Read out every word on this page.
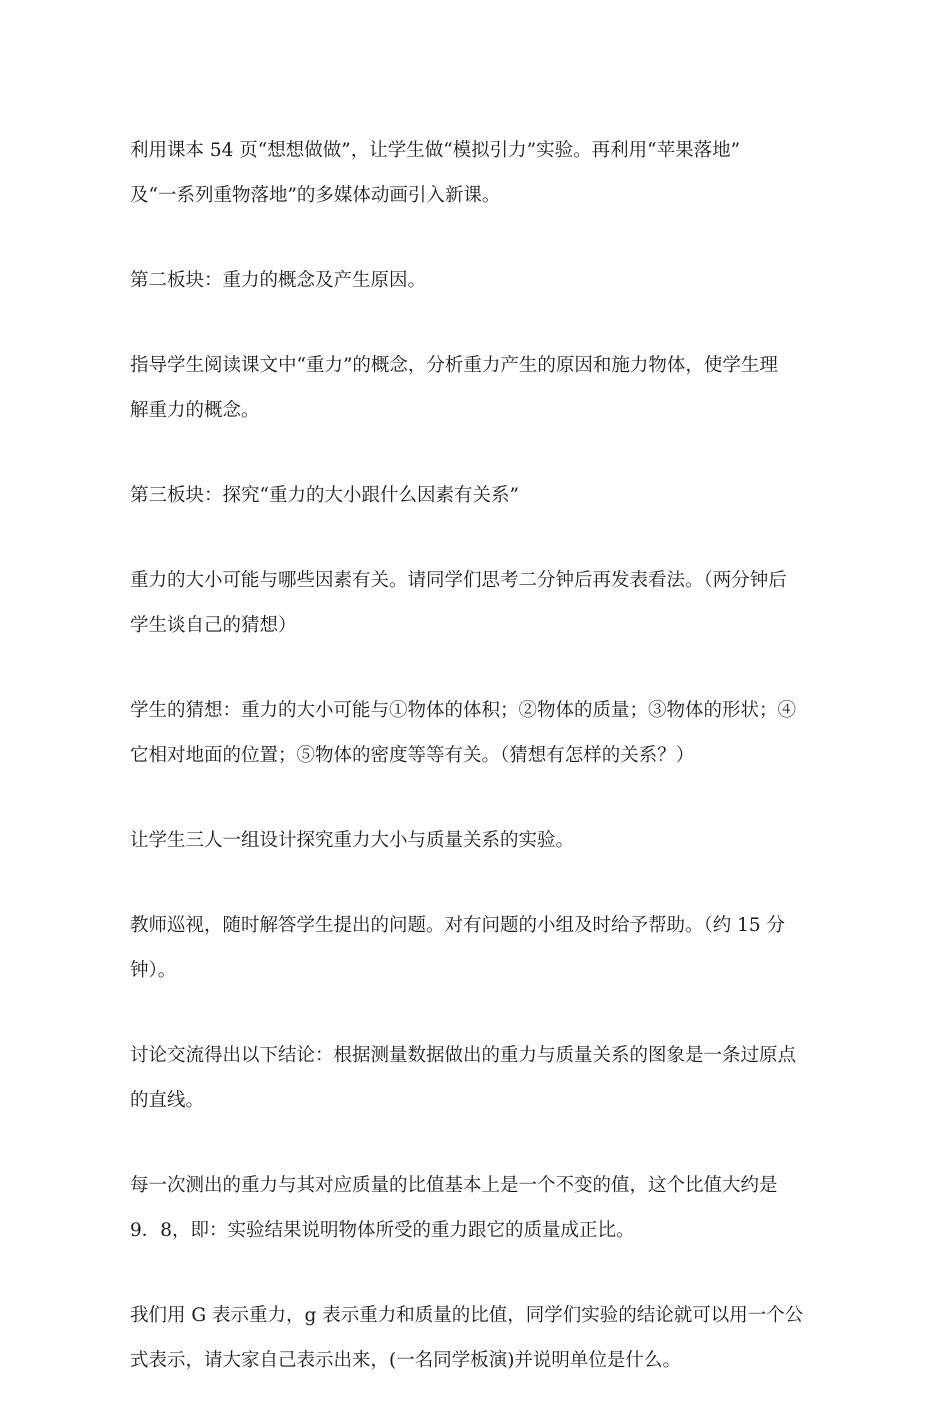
利用课本 54 页“想想做做”，让学生做“模拟引力”实验。再利用“苹果落地”
及“一系列重物落地”的多媒体动画引入新课。

第二板块：重力的概念及产生原因。

指导学生阅读课文中“重力”的概念，分析重力产生的原因和施力物体，使学生理
解重力的概念。

第三板块：探究“重力的大小跟什么因素有关系”

重力的大小可能与哪些因素有关。请同学们思考二分钟后再发表看法。（两分钟后
学生谈自己的猜想）

学生的猜想：重力的大小可能与①物体的体积；②物体的质量；③物体的形状；④
它相对地面的位置；⑤物体的密度等等有关。（猜想有怎样的关系？）

让学生三人一组设计探究重力大小与质量关系的实验。

教师巡视，随时解答学生提出的问题。对有问题的小组及时给予帮助。（约 15 分
钟）。

讨论交流得出以下结论：根据测量数据做出的重力与质量关系的图象是一条过原点
的直线。

每一次测出的重力与其对应质量的比值基本上是一个不变的值，这个比值大约是
9．8，即：实验结果说明物体所受的重力跟它的质量成正比。

我们用 G 表示重力，g 表示重力和质量的比值，同学们实验的结论就可以用一个公
式表示，请大家自己表示出来，(一名同学板演)并说明单位是什么。
